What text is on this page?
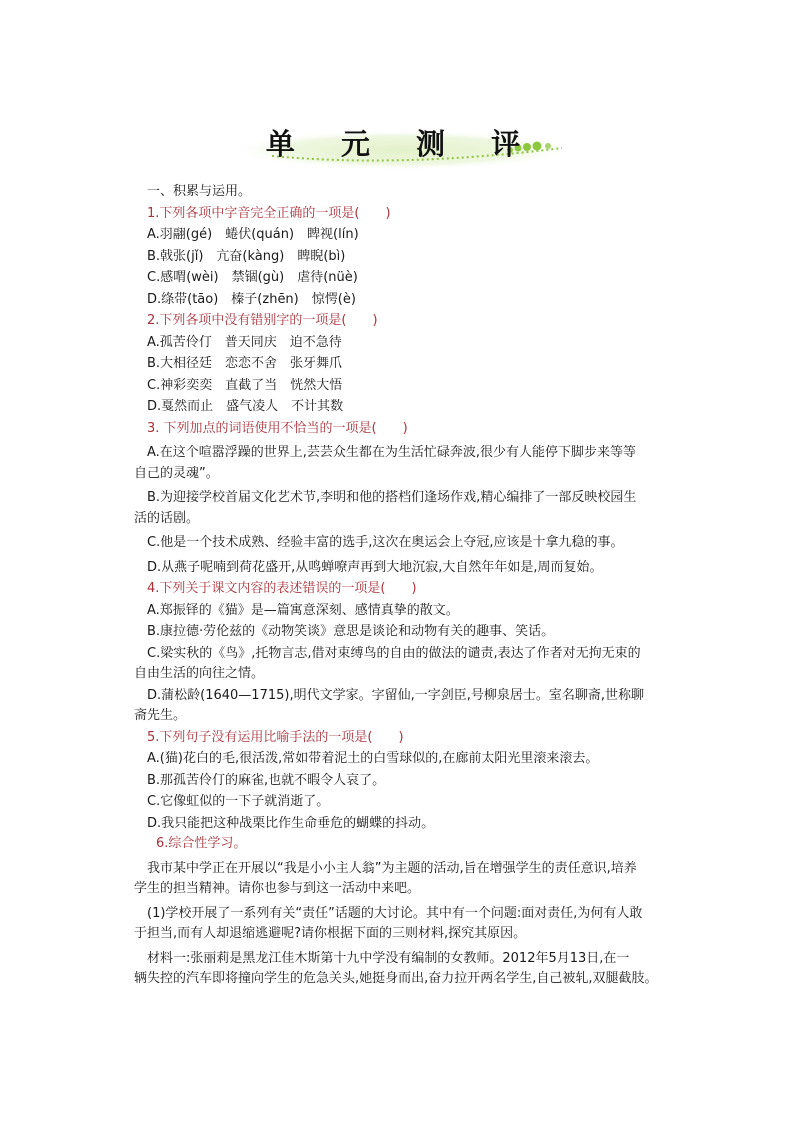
单 元 测 评
一、积累与运用。
1.下列各项中字音完全正确的一项是(　　)
A.羽翮(gé)　蜷伏(quán)　睥视(lín)
B.戟张(jǐ)　亢奋(kàng)　睥睨(bì)
C.感喟(wèi)　禁锢(gù)　虐待(nüè)
D.绦带(tāo)　榛子(zhēn)　惊愕(è)
2.下列各项中没有错别字的一项是(　　)
A.孤苦伶仃　普天同庆　迫不急待
B.大相径廷　恋恋不舍　张牙舞爪
C.神彩奕奕　直截了当　恍然大悟
D.戛然而止　盛气凌人　不计其数
3. 下列加点的词语使用不恰当的一项是(　　)
A.在这个喧嚣浮躁的世界上,芸芸众生都在为生活忙碌奔波,很少有人能停下脚步来等等
自己的灵魂”。
B.为迎接学校首届文化艺术节,李明和他的搭档们逢场作戏,精心编排了一部反映校园生
活的话剧。
C.他是一个技术成熟、经验丰富的选手,这次在奥运会上夺冠,应该是十拿九稳的事。
D.从燕子呢喃到荷花盛开,从鸣蝉嘹声再到大地沉寂,大自然年年如是,周而复始。
4.下列关于课文内容的表述错误的一项是(　　)
A.郑振铎的《猫》是—篇寓意深刻、感情真挚的散文。
B.康拉德·劳伦兹的《动物笑谈》意思是谈论和动物有关的趣事、笑话。
C.梁实秋的《鸟》,托物言志,借对束缚鸟的自由的做法的谴责,表达了作者对无拘无束的
自由生活的向往之情。
D.蒲松龄(1640—1715),明代文学家。字留仙,一字剑臣,号柳泉居士。室名聊斋,世称聊
斋先生。
5.下列句子没有运用比喻手法的一项是(　　)
A.(猫)花白的毛,很活泼,常如带着泥土的白雪球似的,在廊前太阳光里滚来滚去。
B.那孤苦伶仃的麻雀,也就不暇令人哀了。
C.它像虹似的一下子就消逝了。
D.我只能把这种战栗比作生命垂危的蝴蝶的抖动。
6.综合性学习。
我市某中学正在开展以“我是小小主人翁”为主题的活动,旨在增强学生的责任意识,培养
学生的担当精神。请你也参与到这一活动中来吧。
(1)学校开展了一系列有关“责任”话题的大讨论。其中有一个问题:面对责任,为何有人敢
于担当,而有人却退缩逃避呢?请你根据下面的三则材料,探究其原因。
材料一:张丽莉是黑龙江佳木斯第十九中学没有编制的女教师。2012年5月13日,在一
辆失控的汽车即将撞向学生的危急关头,她挺身而出,奋力拉开两名学生,自己被轧,双腿截肢。
